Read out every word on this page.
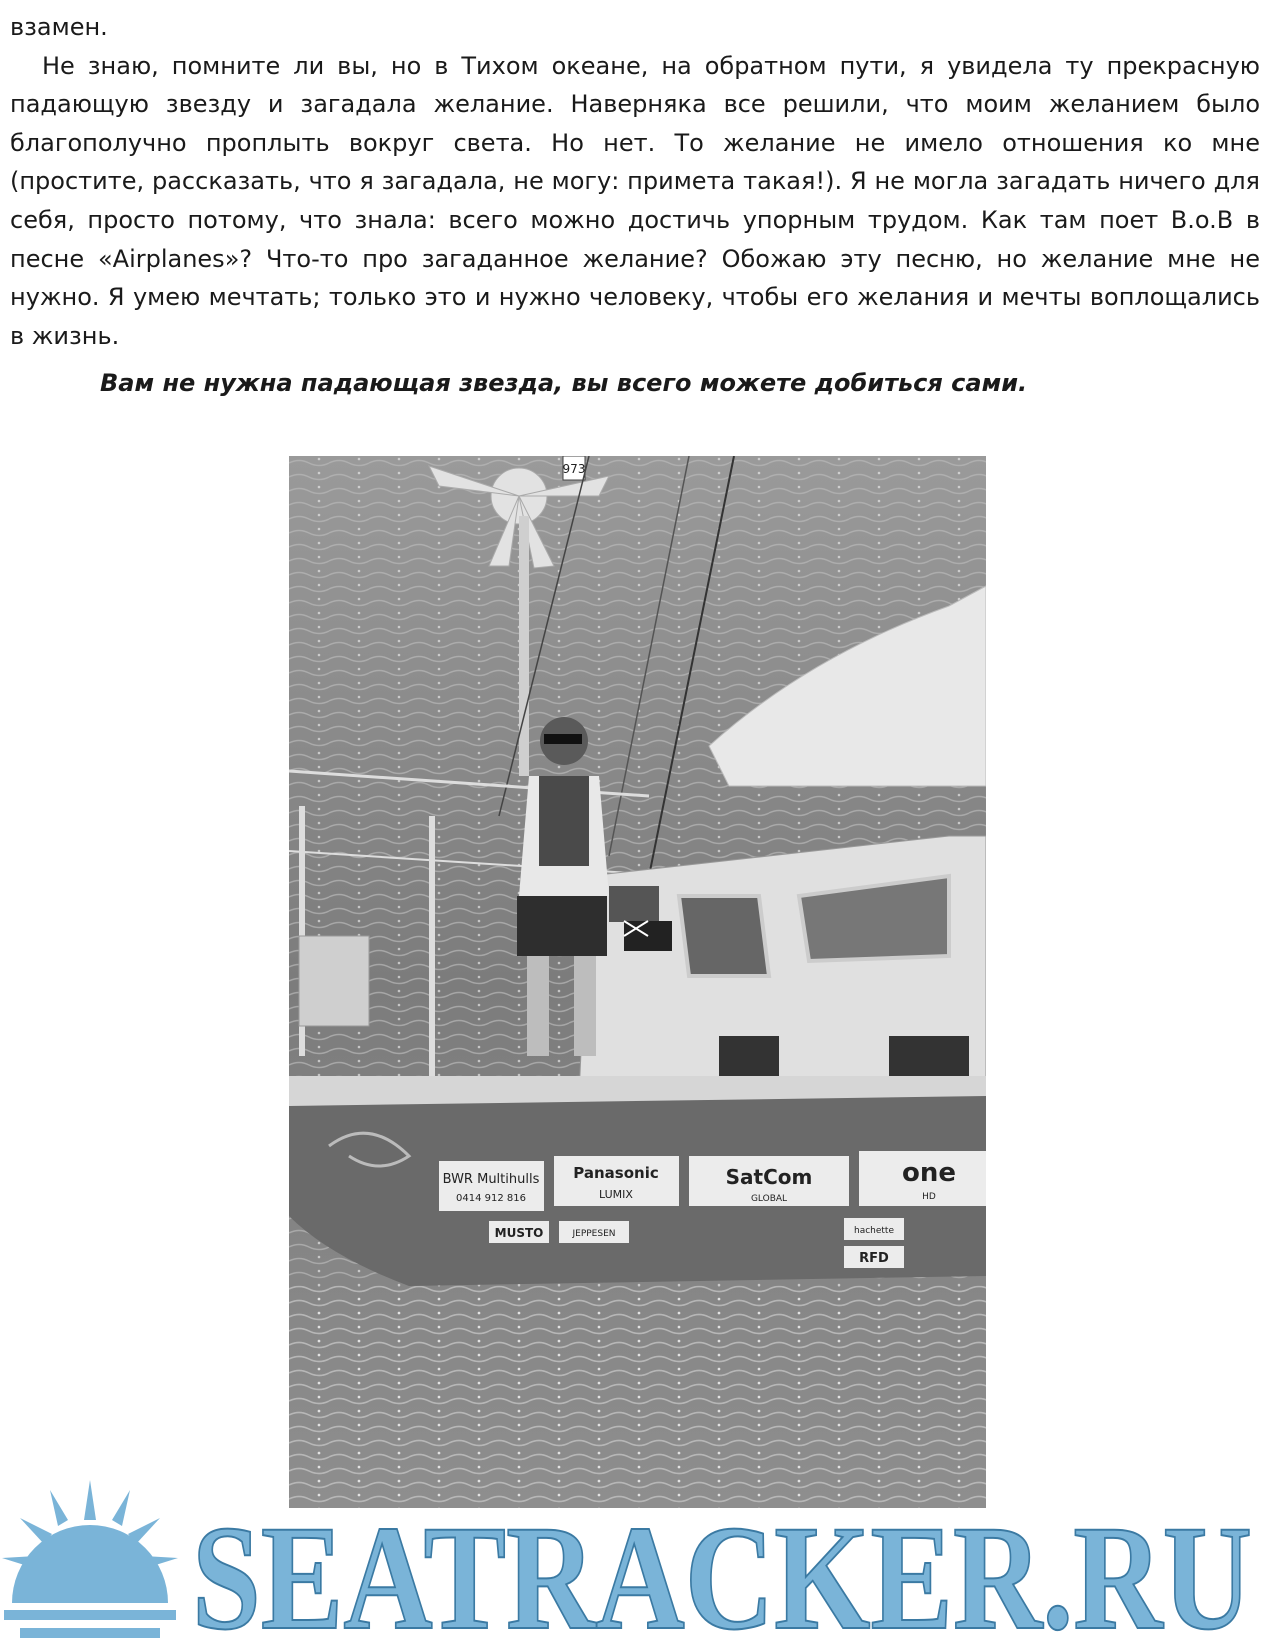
взамен.

Не знаю, помните ли вы, но в Тихом океане, на обратном пути, я увидела ту прекрасную падающую звезду и загадала желание. Наверняка все решили, что моим желанием было благополучно проплыть вокруг света. Но нет. То желание не имело отношения ко мне (простите, рассказать, что я загадала, не могу: примета такая!). Я не могла загадать ничего для себя, просто потому, что знала: всего можно достичь упорным трудом. Как там поет B.o.B в песне «Airplanes»? Что-то про загаданное желание? Обожаю эту песню, но желание мне не нужно. Я умею мечтать; только это и нужно человеку, чтобы его желания и мечты воплощались в жизнь.

Вам не нужна падающая звезда, вы всего можете добиться сами.
973
BWR Multihulls
0414 912 816
Panasonic
LUMIX
SatCom
GLOBAL
one
HD
MUSTO	JEPPESEN
RFD
hachette
SEATRACKER.RU
